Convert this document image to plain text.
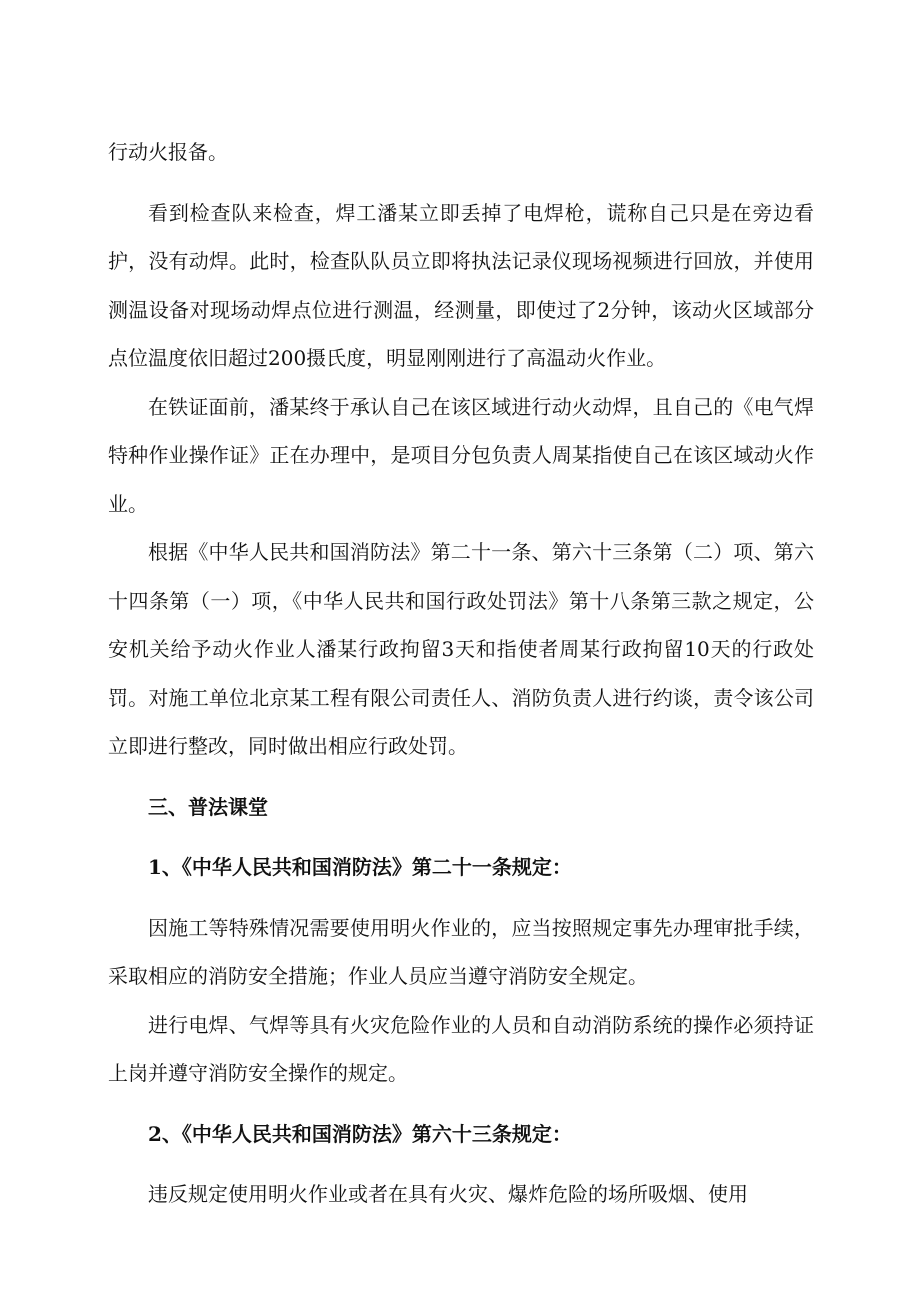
行动火报备。

看到检查队来检查，焊工潘某立即丢掉了电焊枪，谎称自己只是在旁边看护，没有动焊。此时，检查队队员立即将执法记录仪现场视频进行回放，并使用测温设备对现场动焊点位进行测温，经测量，即使过了2分钟，该动火区域部分点位温度依旧超过200摄氏度，明显刚刚进行了高温动火作业。

在铁证面前，潘某终于承认自己在该区域进行动火动焊，且自己的《电气焊特种作业操作证》正在办理中，是项目分包负责人周某指使自己在该区域动火作业。

根据《中华人民共和国消防法》第二十一条、第六十三条第（二）项、第六十四条第（一）项，《中华人民共和国行政处罚法》第十八条第三款之规定，公安机关给予动火作业人潘某行政拘留3天和指使者周某行政拘留10天的行政处罚。对施工单位北京某工程有限公司责任人、消防负责人进行约谈，责令该公司立即进行整改，同时做出相应行政处罚。

三、普法课堂

1、《中华人民共和国消防法》第二十一条规定：

因施工等特殊情况需要使用明火作业的，应当按照规定事先办理审批手续，采取相应的消防安全措施；作业人员应当遵守消防安全规定。

进行电焊、气焊等具有火灾危险作业的人员和自动消防系统的操作必须持证上岗并遵守消防安全操作的规定。

2、《中华人民共和国消防法》第六十三条规定：

违反规定使用明火作业或者在具有火灾、爆炸危险的场所吸烟、使用
